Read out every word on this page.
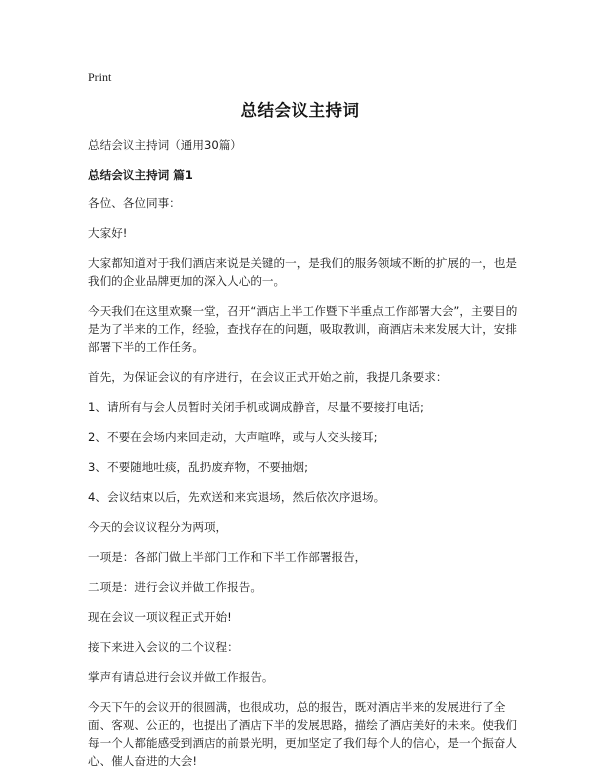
Print
总结会议主持词

总结会议主持词（通用30篇）

总结会议主持词 篇1

各位、各位同事：

大家好!

大家都知道对于我们酒店来说是关键的一，是我们的服务领域不断的扩展的一，也是我们的企业品牌更加的深入人心的一。

今天我们在这里欢聚一堂，召开“酒店上半工作暨下半重点工作部署大会”，主要目的是为了半来的工作，经验，查找存在的问题，吸取教训，商酒店未来发展大计，安排部署下半的工作任务。

首先，为保证会议的有序进行，在会议正式开始之前，我提几条要求：

1、请所有与会人员暂时关闭手机或调成静音，尽量不要接打电话;

2、不要在会场内来回走动，大声喧哗，或与人交头接耳;

3、不要随地吐痰，乱扔废弃物，不要抽烟;

4、会议结束以后，先欢送和来宾退场，然后依次序退场。

今天的会议议程分为两项，

一项是：各部门做上半部门工作和下半工作部署报告，

二项是：进行会议并做工作报告。

现在会议一项议程正式开始!

接下来进入会议的二个议程：

掌声有请总进行会议并做工作报告。

今天下午的会议开的很圆满，也很成功，总的报告，既对酒店半来的发展进行了全面、客观、公正的，也提出了酒店下半的发展思路，描绘了酒店美好的未来。使我们每一个人都能感受到酒店的前景光明，更加坚定了我们每个人的信心，是一个振奋人心、催人奋进的大会!
